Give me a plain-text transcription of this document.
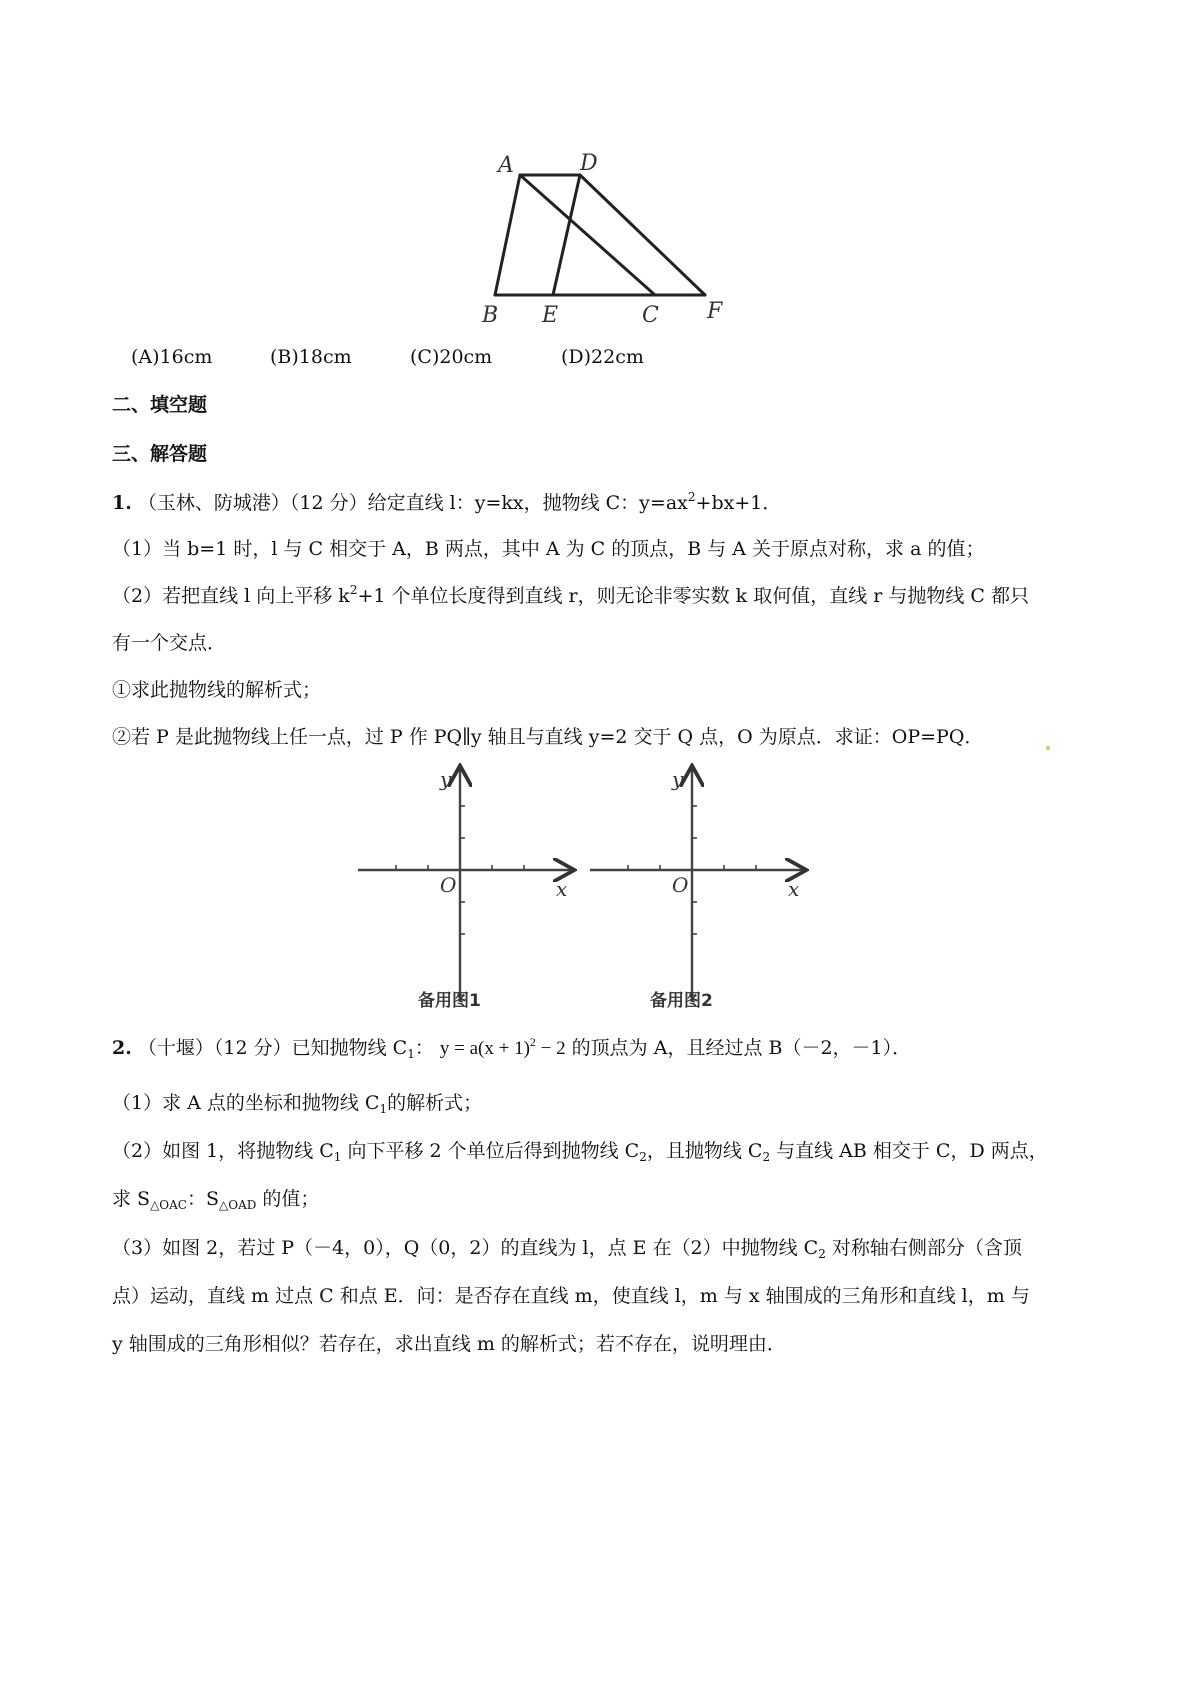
A	D
B E	C F
(A)16cm	(B)18cm	(C)20cm	(D)22cm
二、填空题
三、解答题
1. （玉林、防城港）（12 分）给定直线 l：y=kx，抛物线 C：$y=ax^2+bx+1$．
（1）当 b=1 时，l 与 C 相交于 A，B 两点，其中 A 为 C 的顶点，B 与 A 关于原点对称，求 a 的值；
（2）若把直线 l 向上平移 $k^2+1$ 个单位长度得到直线 r，则无论非零实数 k 取何值，直线 r 与抛物线 C 都只
有一个交点．
①求此抛物线的解析式；
②若 P 是此抛物线上任一点，过 P 作 PQ∥y 轴且与直线 y=2 交于 Q 点，O 为原点．求证：OP=PQ．
y
x
O
备用图1
y
x
O
备用图2
2. （十堰）（12 分）已知抛物线 $C_1$： $y = a(x + 1)^2 - 2$ 的顶点为 A，且经过点 B（－2，－1）．
（1）求 A 点的坐标和抛物线 $C_1$的解析式；
（2）如图 1，将抛物线 $C_1$ 向下平移 2 个单位后得到抛物线 $C_2$，且抛物线 $C_2$ 与直线 AB 相交于 C，D 两点，
求 $S_{\triangle OAC}$：$S_{\triangle OAD}$ 的值；
（3）如图 2，若过 P（－4，0），Q（0，2）的直线为 l，点 E 在（2）中抛物线 $C_2$ 对称轴右侧部分（含顶
点）运动，直线 m 过点 C 和点 E．问：是否存在直线 m，使直线 l，m 与 x 轴围成的三角形和直线 l，m 与
y 轴围成的三角形相似？若存在，求出直线 m 的解析式；若不存在，说明理由．
